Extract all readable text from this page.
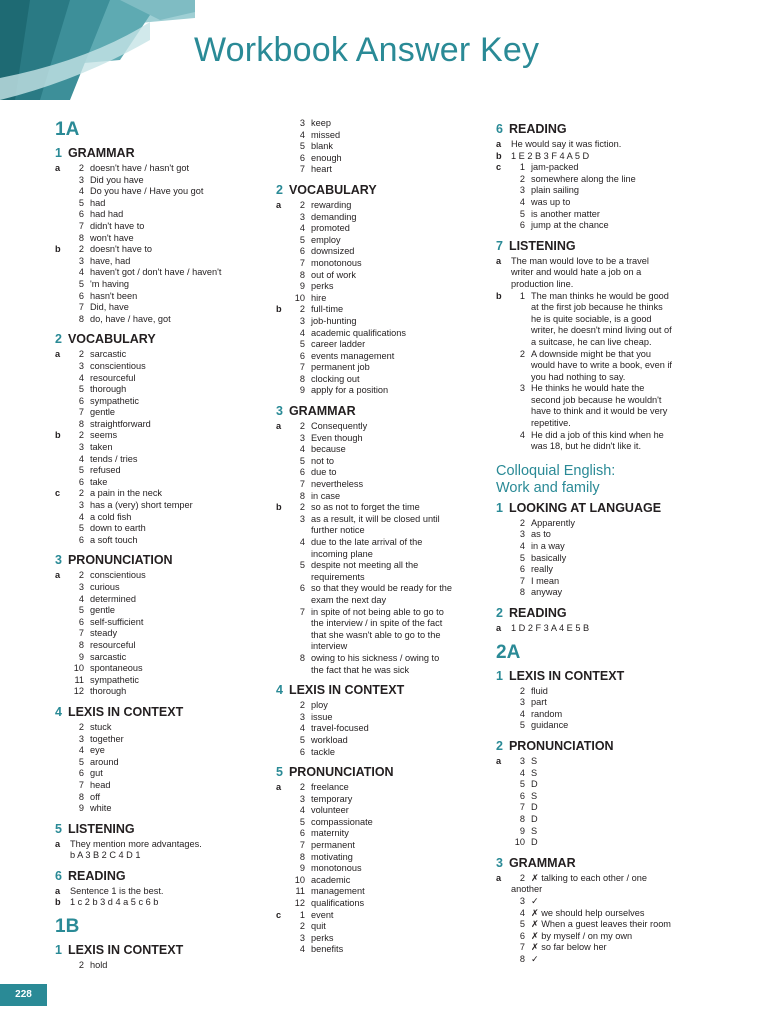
Workbook Answer Key
1A
1 GRAMMAR
a	2 doesn't have / hasn't got
3 Did you have
4 Do you have / Have you got
5 had
6 had had
7 didn't have to
8 won't have
b	2 doesn't have to
3 have, had
4 haven't got / don't have / haven't
5 'm having
6 hasn't been
7 Did, have
8 do, have / have, got
2 VOCABULARY
a	2 sarcastic
3 conscientious
4 resourceful
5 thorough
6 sympathetic
7 gentle
8 straightforward
b	2 seems
3 taken
4 tends / tries
5 refused
6 take
c	2 a pain in the neck
3 has a (very) short temper
4 a cold fish
5 down to earth
6 a soft touch
3 PRONUNCIATION
a	2 conscientious
3 curious
4 determined
5 gentle
6 self-sufficient
7 steady
8 resourceful
9 sarcastic
10 spontaneous
11 sympathetic
12 thorough
4 LEXIS IN CONTEXT
2 stuck
3 together
4 eye
5 around
6 gut
7 head
8 off
9 white
5 LISTENING
a	They mention more advantages.
b A 3 B 2 C 4 D 1
6 READING
a	Sentence 1 is the best.
b	1 c 2 b 3 d 4 a 5 c 6 b
1B
1 LEXIS IN CONTEXT
2 hold
3 keep
4 missed
5 blank
6 enough
7 heart
2 VOCABULARY
a	2 rewarding
3 demanding
4 promoted
5 employ
6 downsized
7 monotonous
8 out of work
9 perks
10 hire
b	2 full-time
3 job-hunting
4 academic qualifications
5 career ladder
6 events management
7 permanent job
8 clocking out
9 apply for a position
3 GRAMMAR
a	2 Consequently
3 Even though
4 because
5 not to
6 due to
7 nevertheless
8 in case
b	2 so as not to forget the time
3 as a result, it will be closed until
further notice
4 due to the late arrival of the
incoming plane
5 despite not meeting all the
requirements
6 so that they would be ready for the
exam the next day
7 in spite of not being able to go to
the interview / in spite of the fact
that she wasn't able to go to the
interview
8 owing to his sickness / owing to
the fact that he was sick
4 LEXIS IN CONTEXT
2 ploy
3 issue
4 travel-focused
5 workload
6 tackle
5 PRONUNCIATION
a	2 freelance
3 temporary
4 volunteer
5 compassionate
6 maternity
7 permanent
8 motivating
9 monotonous
10 academic
11 management
12 qualifications
c	1 event
2 quit
3 perks
4 benefits
6 READING
a	He would say it was fiction.
b	1 E 2 B 3 F 4 A 5 D
c	1 jam-packed
2 somewhere along the line
3 plain sailing
4 was up to
5 is another matter
6 jump at the chance
7 LISTENING
a	The man would love to be a travel
writer and would hate a job on a
production line.
b	1 The man thinks he would be good
at the first job because he thinks
he is quite sociable, is a good
writer, he doesn't mind living out of
a suitcase, he can live cheap.
2 A downside might be that you
would have to write a book, even if
you had nothing to say.
3 He thinks he would hate the
second job because he wouldn't
have to think and it would be very
repetitive.
4 He did a job of this kind when he
was 18, but he didn't like it.
Colloquial English:
Work and family
1 LOOKING AT LANGUAGE
2 Apparently
3 as to
4 in a way
5 basically
6 really
7 I mean
8 anyway
2 READING
a	1 D 2 F 3 A 4 E 5 B
2A
1 LEXIS IN CONTEXT
2 fluid
3 part
4 random
5 guidance
2 PRONUNCIATION
a	3 S
4 S
5 D
6 S
7 D
8 D
9 S
10 D
3 GRAMMAR
a	2 ✗ talking to each other / one
another
3 ✓
4 ✗ we should help ourselves
5 ✗ When a guest leaves their room
6 ✗ by myself / on my own
7 ✗ so far below her
8 ✓
228
